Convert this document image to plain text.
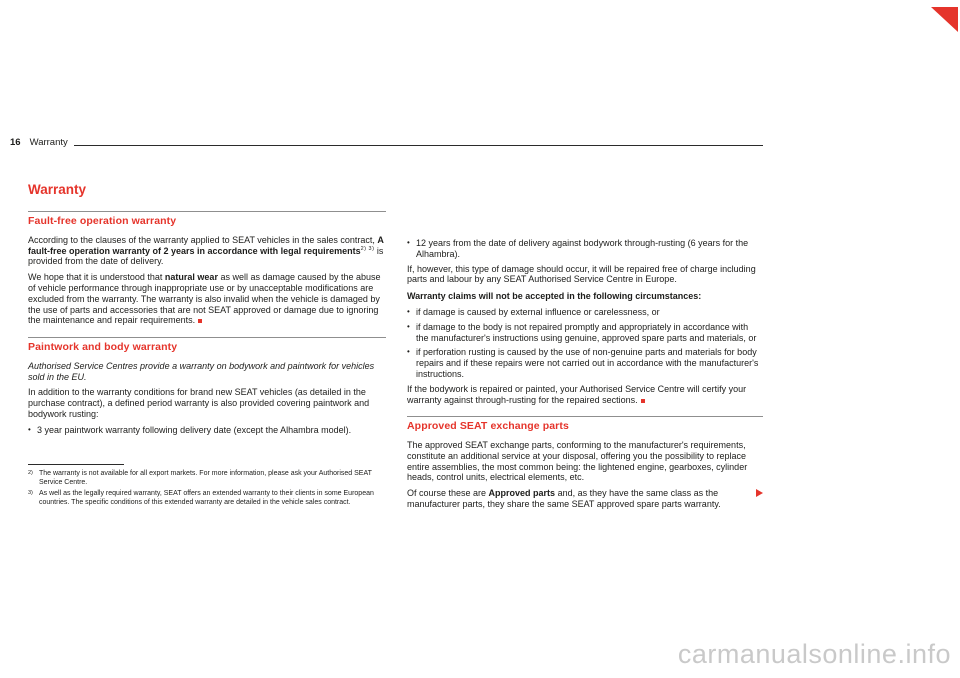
16 Warranty
Warranty
Fault-free operation warranty

According to the clauses of the warranty applied to SEAT vehicles in the sales contract, A fault-free operation warranty of 2 years in accordance with legal requirements$^{2) 3)}$ is provided from the date of delivery.

We hope that it is understood that natural wear as well as damage caused by the abuse of vehicle performance through inappropriate use or by unacceptable modifications are excluded from the warranty. The warranty is also invalid when the vehicle is damaged by the use of parts and accessories that are not SEAT approved or damage due to ignoring the maintenance and repair requirements.

Paintwork and body warranty

Authorised Service Centres provide a warranty on bodywork and paintwork for vehicles sold in the EU.

In addition to the warranty conditions for brand new SEAT vehicles (as detailed in the purchase contract), a defined period warranty is also provided covering paintwork and bodywork rusting:

• 3 year paintwork warranty following delivery date (except the Alhambra model).
2) The warranty is not available for all export markets. For more information, please ask your Authorised SEAT Service Centre.
3) As well as the legally required warranty, SEAT offers an extended warranty to their clients in some European countries. The specific conditions of this extended warranty are detailed in the vehicle sales contract.
• 12 years from the date of delivery against bodywork through-rusting (6 years for the Alhambra).

If, however, this type of damage should occur, it will be repaired free of charge including parts and labour by any SEAT Authorised Service Centre in Europe.

Warranty claims will not be accepted in the following circumstances:

• if damage is caused by external influence or carelessness, or
• if damage to the body is not repaired promptly and appropriately in accordance with the manufacturer's instructions using genuine, approved spare parts and materials, or
• if perforation rusting is caused by the use of non-genuine parts and materials for body repairs and if these repairs were not carried out in accordance with the manufacturer's instructions.

If the bodywork is repaired or painted, your Authorised Service Centre will certify your warranty against through-rusting for the repaired sections.

Approved SEAT exchange parts

The approved SEAT exchange parts, conforming to the manufacturer's requirements, constitute an additional service at your disposal, offering you the possibility to replace entire assemblies, the most common being: the lightened engine, gearboxes, cylinder heads, control units, electrical elements, etc.

Of course these are Approved parts and, as they have the same class as the manufacturer parts, they share the same SEAT approved spare parts warranty.

carmanualsonline.info
